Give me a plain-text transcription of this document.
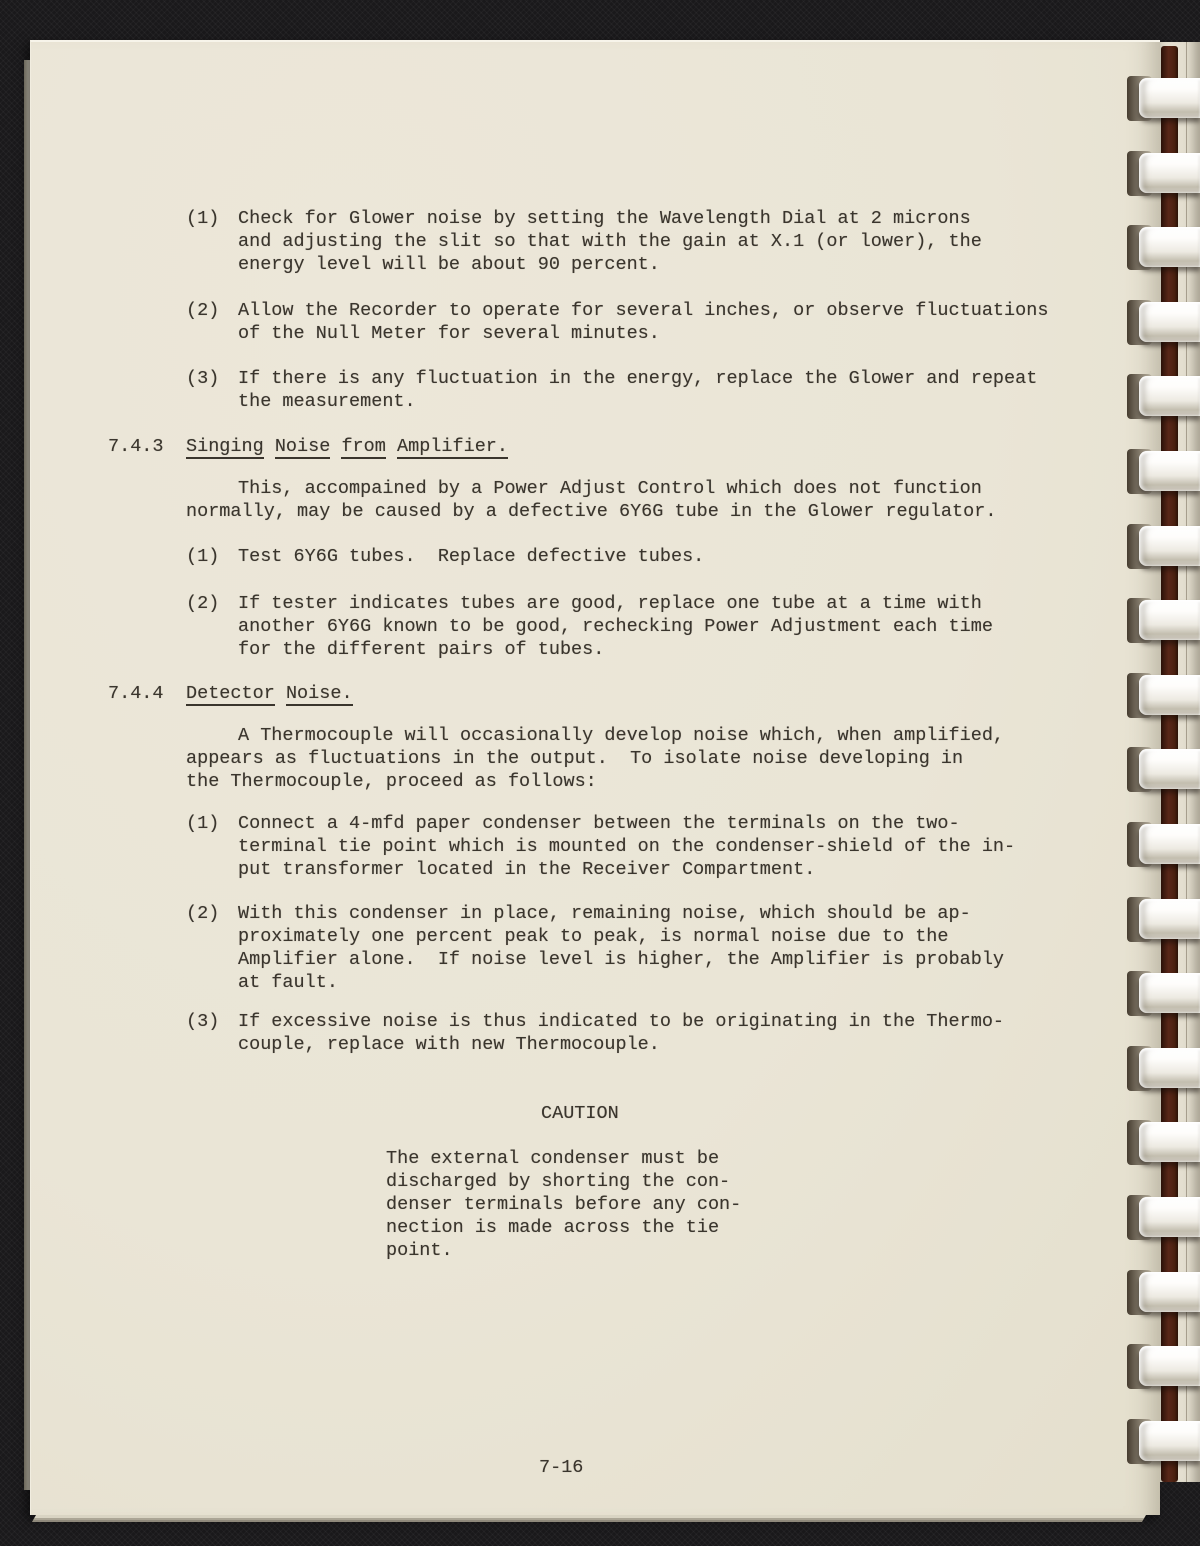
(1)	Check for Glower noise by setting the Wavelength Dial at 2 microns
and adjusting the slit so that with the gain at X.1 (or lower), the
energy level will be about 90 percent.
(2)	Allow the Recorder to operate for several inches, or observe fluctuations
of the Null Meter for several minutes.
(3)	If there is any fluctuation in the energy, replace the Glower and repeat
the measurement.
7.4.3	Singing Noise from Amplifier.
This, accompained by a Power Adjust Control which does not function
normally, may be caused by a defective 6Y6G tube in the Glower regulator.
(1)	Test 6Y6G tubes.  Replace defective tubes.
(2)	If tester indicates tubes are good, replace one tube at a time with
another 6Y6G known to be good, rechecking Power Adjustment each time
for the different pairs of tubes.
7.4.4	Detector Noise.
A Thermocouple will occasionally develop noise which, when amplified,
appears as fluctuations in the output.  To isolate noise developing in
the Thermocouple, proceed as follows:
(1)	Connect a 4-mfd paper condenser between the terminals on the two-
terminal tie point which is mounted on the condenser-shield of the in-
put transformer located in the Receiver Compartment.
(2)	With this condenser in place, remaining noise, which should be ap-
proximately one percent peak to peak, is normal noise due to the
Amplifier alone.  If noise level is higher, the Amplifier is probably
at fault.
(3)	If excessive noise is thus indicated to be originating in the Thermo-
couple, replace with new Thermocouple.
CAUTION
The external condenser must be
discharged by shorting the con-
denser terminals before any con-
nection is made across the tie
point.
7-16
